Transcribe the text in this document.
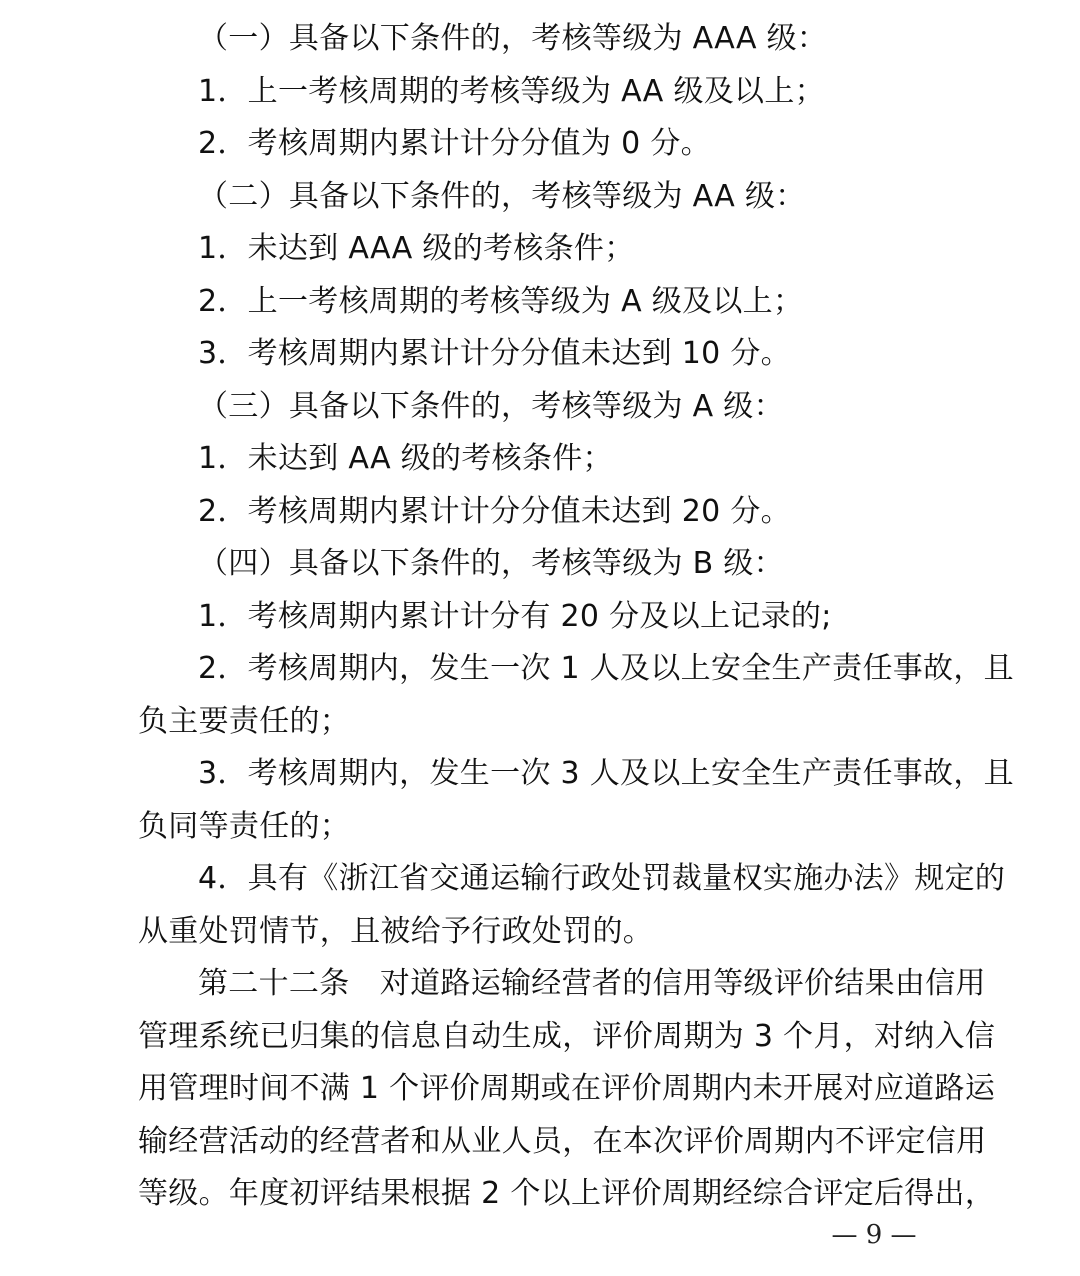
（一）具备以下条件的，考核等级为 AAA 级：
1．上一考核周期的考核等级为 AA 级及以上；
2．考核周期内累计计分分值为 0 分。
（二）具备以下条件的，考核等级为 AA 级：
1．未达到 AAA 级的考核条件；
2．上一考核周期的考核等级为 A 级及以上；
3．考核周期内累计计分分值未达到 10 分。
（三）具备以下条件的，考核等级为 A 级：
1．未达到 AA 级的考核条件；
2．考核周期内累计计分分值未达到 20 分。
（四）具备以下条件的，考核等级为 B 级：
1．考核周期内累计计分有 20 分及以上记录的;
2．考核周期内，发生一次 1 人及以上安全生产责任事故，且
负主要责任的；
3．考核周期内，发生一次 3 人及以上安全生产责任事故，且
负同等责任的；
4．具有《浙江省交通运输行政处罚裁量权实施办法》规定的
从重处罚情节，且被给予行政处罚的。
第二十二条　对道路运输经营者的信用等级评价结果由信用
管理系统已归集的信息自动生成，评价周期为 3 个月，对纳入信
用管理时间不满 1 个评价周期或在评价周期内未开展对应道路运
输经营活动的经营者和从业人员，在本次评价周期内不评定信用
等级。年度初评结果根据 2 个以上评价周期经综合评定后得出，
— 9 —
